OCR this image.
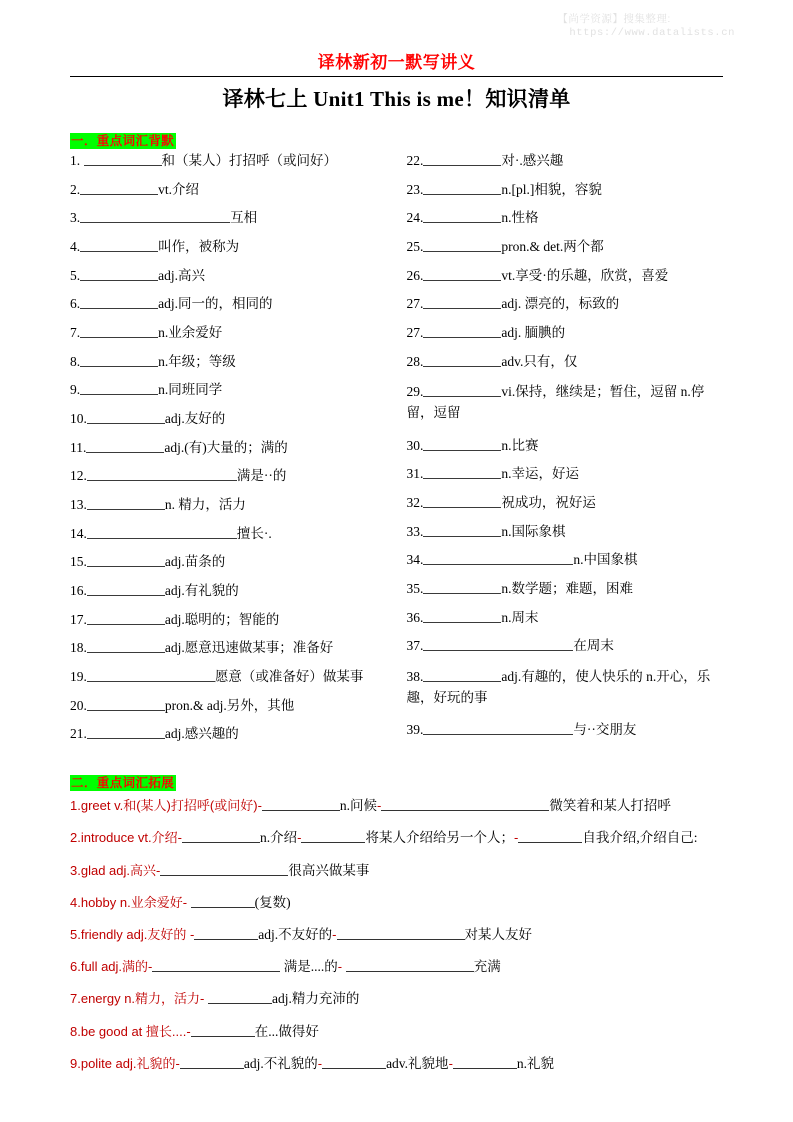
【尚学资源】搜集整理:
https://www.datalists.cn
译林新初一默写讲义
译林七上 Unit1 This is me！知识清单
一．重点词汇背默
1.	和（某人）打招呼（或问好）
2.	vt.介绍
3.	互相
4.	叫作，被称为
5.	adj.高兴
6.	adj.同一的，相同的
7.	n.业余爱好
8.	n.年级；等级
9.	n.同班同学
10.	adj.友好的
11.	adj.(有)大量的；满的
12.	满是··的
13.	n. 精力，活力
14.	擅长·.
15.	adj.苗条的
16.	adj.有礼貌的
17.	adj.聪明的；智能的
18.	adj.愿意迅速做某事；准备好
19.	愿意（或准备好）做某事
20.	pron.& adj.另外，其他
21.	adj.感兴趣的
22.	对·.感兴趣
23.	n.[pl.]相貌，容貌
24.	n.性格
25.	pron.& det.两个都
26.	vt.享受·的乐趣，欣赏，喜爱
27.	adj. 漂亮的，标致的
27.	adj. 腼腆的
28.	adv.只有，仅
29.	vi.保持，继续是；暂住，逗留 n.停留，逗留
30.	n.比赛
31.	n.幸运，好运
32.	祝成功，祝好运
33.	n.国际象棋
34.	n.中国象棋
35.	n.数学题；难题，困难
36.	n.周末
37.	在周末
38.	adj.有趣的，使人快乐的 n.开心，乐趣，好玩的事
39.	与··交朋友
二．重点词汇拓展
1.greet v.和(某人)打招呼(或问好)-	n.问候-	微笑着和某人打招呼
2.introduce vt.介绍-	n.介绍-	将某人介绍给另一个人；-	自我介绍,介绍自己:
3.glad adj.高兴-	很高兴做某事
4.hobby n.业余爱好-	(复数)
5.friendly adj.友好的 -	adj.不友好的-	对某人友好
6.full adj.满的-	满是....的-	充满
7.energy n.精力，活力-	adj.精力充沛的
8.be good at 擅长....-	在...做得好
9.polite adj.礼貌的-	adj.不礼貌的-	adv.礼貌地-	n.礼貌
